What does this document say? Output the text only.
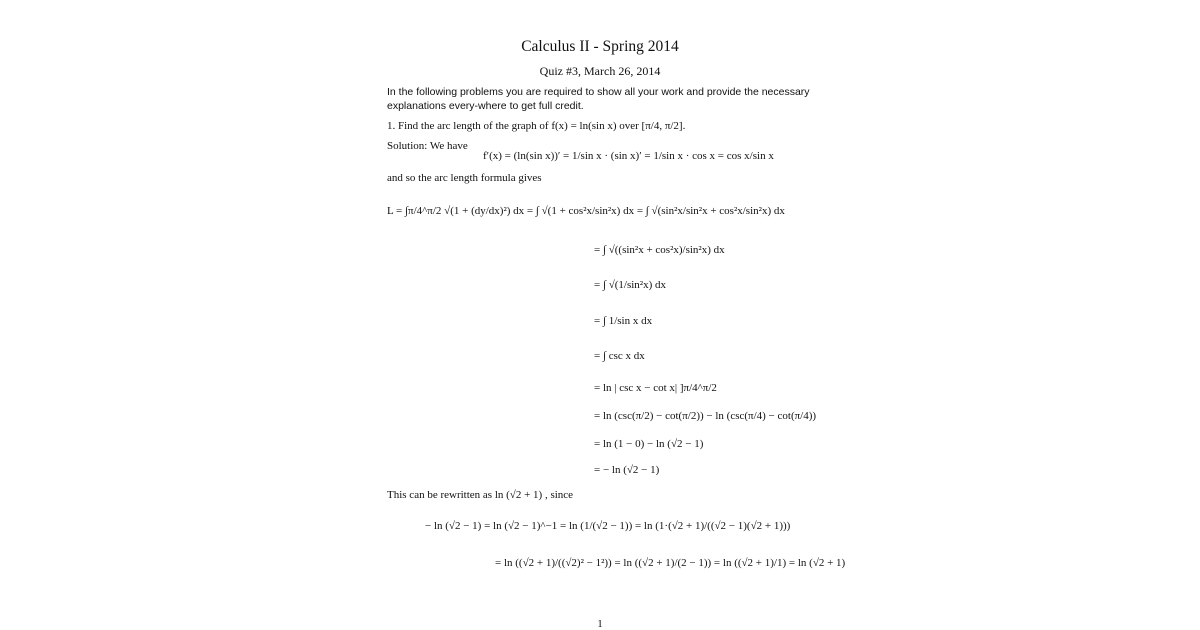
Calculus II - Spring 2014
Quiz #3, March 26, 2014
In the following problems you are required to show all your work and provide the necessary explanations every-where to get full credit.
1. Find the arc length of the graph of f(x) = ln(sin x) over [π/4, π/2].
Solution: We have
f′(x) = (ln(sin x))′ = 1/sin x · (sin x)′ = 1/sin x · cos x = cos x/sin x
and so the arc length formula gives
L = ∫π/4^π/2 √(1 + (dy/dx)²) dx = ∫ √(1 + cos²x/sin²x) dx = ∫ √(sin²x/sin²x + cos²x/sin²x) dx
= ∫ √((sin²x + cos²x)/sin²x) dx
= ∫ √(1/sin²x) dx
= ∫ 1/sin x dx
= ∫ csc x dx
= ln | csc x − cot x| ]π/4^π/2
= ln (csc(π/2) − cot(π/2)) − ln (csc(π/4) − cot(π/4))
= ln (1 − 0) − ln (√2 − 1)
= − ln (√2 − 1)
This can be rewritten as ln (√2 + 1) , since
− ln (√2 − 1) = ln (√2 − 1)^−1 = ln (1/(√2 − 1)) = ln (1·(√2 + 1)/((√2 − 1)(√2 + 1)))
= ln ((√2 + 1)/((√2)² − 1²)) = ln ((√2 + 1)/(2 − 1)) = ln ((√2 + 1)/1) = ln (√2 + 1)
1
